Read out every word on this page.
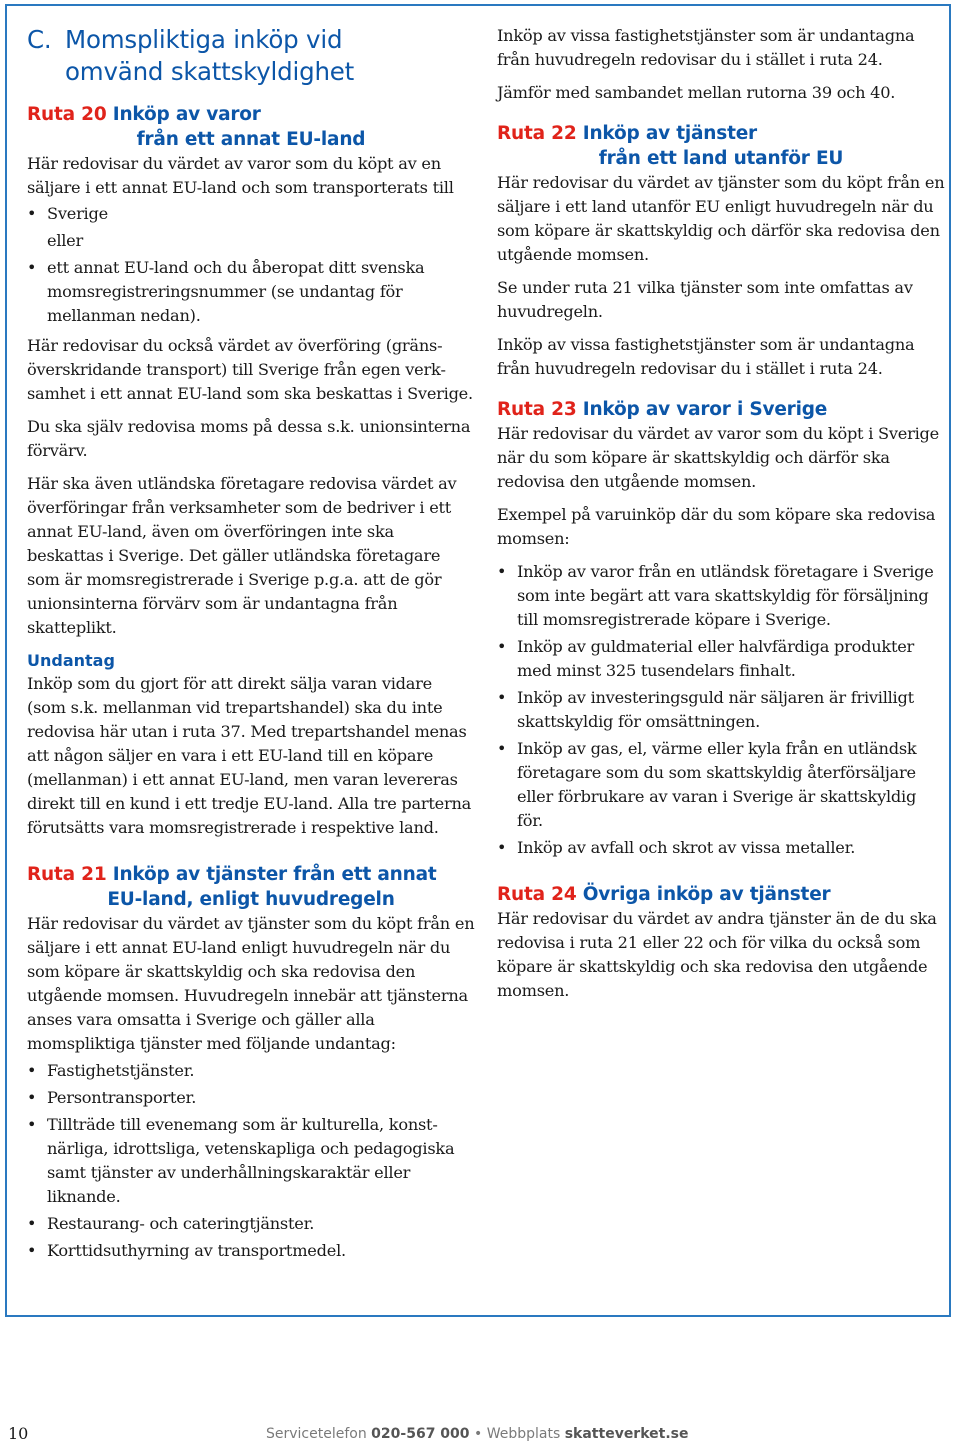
C. Momspliktiga inköp vid
omvänd skattskyldighet
Ruta 20 Inköp av varor
från ett annat EU-land

Här redovisar du värdet av varor som du köpt av en säljare i ett annat EU-land och som transporterats till

• Sverige
eller
• ett annat EU-land och du åberopat ditt svenska momsregistreringsnummer (se undantag för mellanman nedan).

Här redovisar du också värdet av överföring (gränsöverskridande transport) till Sverige från egen verksamhet i ett annat EU-land som ska beskattas i Sverige.

Du ska själv redovisa moms på dessa s.k. unionsinterna förvärv.

Här ska även utländska företagare redovisa värdet av överföringar från verksamheter som de bedriver i ett annat EU-land, även om överföringen inte ska beskattas i Sverige. Det gäller utländska företagare som är momsregistrerade i Sverige p.g.a. att de gör unionsinterna förvärv som är undantagna från skatteplikt.

Undantag

Inköp som du gjort för att direkt sälja varan vidare (som s.k. mellanman vid trepartshandel) ska du inte redovisa här utan i ruta 37. Med trepartshandel menas att någon säljer en vara i ett EU-land till en köpare (mellanman) i ett annat EU-land, men varan levereras direkt till en kund i ett tredje EU-land. Alla tre parterna förutsätts vara momsregistrerade i respektive land.

Ruta 21 Inköp av tjänster från ett annat
EU-land, enligt huvudregeln

Här redovisar du värdet av tjänster som du köpt från en säljare i ett annat EU-land enligt huvudregeln när du som köpare är skattskyldig och ska redovisa den utgående momsen. Huvudregeln innebär att tjänsterna anses vara omsatta i Sverige och gäller alla momspliktiga tjänster med följande undantag:

• Fastighetstjänster.
• Persontransporter.
• Tillträde till evenemang som är kulturella, konstnärliga, idrottsliga, vetenskapliga och pedagogiska samt tjänster av underhållningskaraktär eller liknande.
• Restaurang- och cateringtjänster.
• Korttidsuthyrning av transportmedel.

Inköp av vissa fastighetstjänster som är undantagna från huvudregeln redovisar du i stället i ruta 24.

Jämför med sambandet mellan rutorna 39 och 40.

Ruta 22 Inköp av tjänster
från ett land utanför EU

Här redovisar du värdet av tjänster som du köpt från en säljare i ett land utanför EU enligt huvudregeln när du som köpare är skattskyldig och därför ska redovisa den utgående momsen.

Se under ruta 21 vilka tjänster som inte omfattas av huvudregeln.

Inköp av vissa fastighetstjänster som är undantagna från huvudregeln redovisar du i stället i ruta 24.

Ruta 23 Inköp av varor i Sverige

Här redovisar du värdet av varor som du köpt i Sverige när du som köpare är skattskyldig och därför ska redovisa den utgående momsen.

Exempel på varuinköp där du som köpare ska redovisa momsen:

• Inköp av varor från en utländsk företagare i Sverige som inte begärt att vara skattskyldig för försäljning till momsregistrerade köpare i Sverige.
• Inköp av guldmaterial eller halvfärdiga produkter med minst 325 tusendelars finhalt.
• Inköp av investeringsguld när säljaren är frivilligt skattskyldig för omsättningen.
• Inköp av gas, el, värme eller kyla från en utländsk företagare som du som skattskyldig återförsäljare eller förbrukare av varan i Sverige är skattskyldig för.
• Inköp av avfall och skrot av vissa metaller.
Ruta 24 Övriga inköp av tjänster

Här redovisar du värdet av andra tjänster än de du ska redovisa i ruta 21 eller 22 och för vilka du också som köpare är skattskyldig och ska redovisa den utgående momsen.

10	Servicetelefon 020-567 000 • Webbplats skatteverket.se
